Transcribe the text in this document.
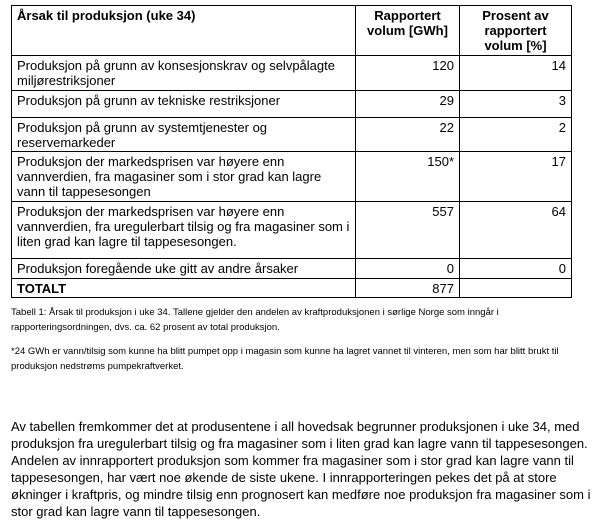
Årsak til produksjon (uke 34)	Rapportert volum [GWh]	Prosent av rapportert volum [%]
Produksjon på grunn av konsesjonskrav og selvpålagte miljørestriksjoner	120	14
Produksjon på grunn av tekniske restriksjoner	29	3
Produksjon på grunn av systemtjenester og reservemarkeder	22	2
Produksjon der markedsprisen var høyere enn vannverdien, fra magasiner som i stor grad kan lagre vann til tappesesongen	150*	17
Produksjon der markedsprisen var høyere enn vannverdien, fra uregulerbart tilsig og fra magasiner som i liten grad kan lagre til tappesesongen.	557	64
Produksjon foregående uke gitt av andre årsaker	0	0
TOTALT	877	
Tabell 1: Årsak til produksjon i uke 34. Tallene gjelder den andelen av kraftproduksjonen i sørlige Norge som inngår i rapporteringsordningen, dvs. ca. 62 prosent av total produksjon.
*24 GWh er vann/tilsig som kunne ha blitt pumpet opp i magasin som kunne ha lagret vannet til vinteren, men som har blitt brukt til produksjon nedstrøms pumpekraftverket.
Av tabellen fremkommer det at produsentene i all hovedsak begrunner produksjonen i uke 34, med produksjon fra uregulerbart tilsig og fra magasiner som i liten grad kan lagre vann til tappesesongen. Andelen av innrapportert produksjon som kommer fra magasiner som i stor grad kan lagre vann til tappesesongen, har vært noe økende de siste ukene. I innrapporteringen pekes det på at store økninger i kraftpris, og mindre tilsig enn prognosert kan medføre noe produksjon fra magasiner som i stor grad kan lagre vann til tappesesongen.
